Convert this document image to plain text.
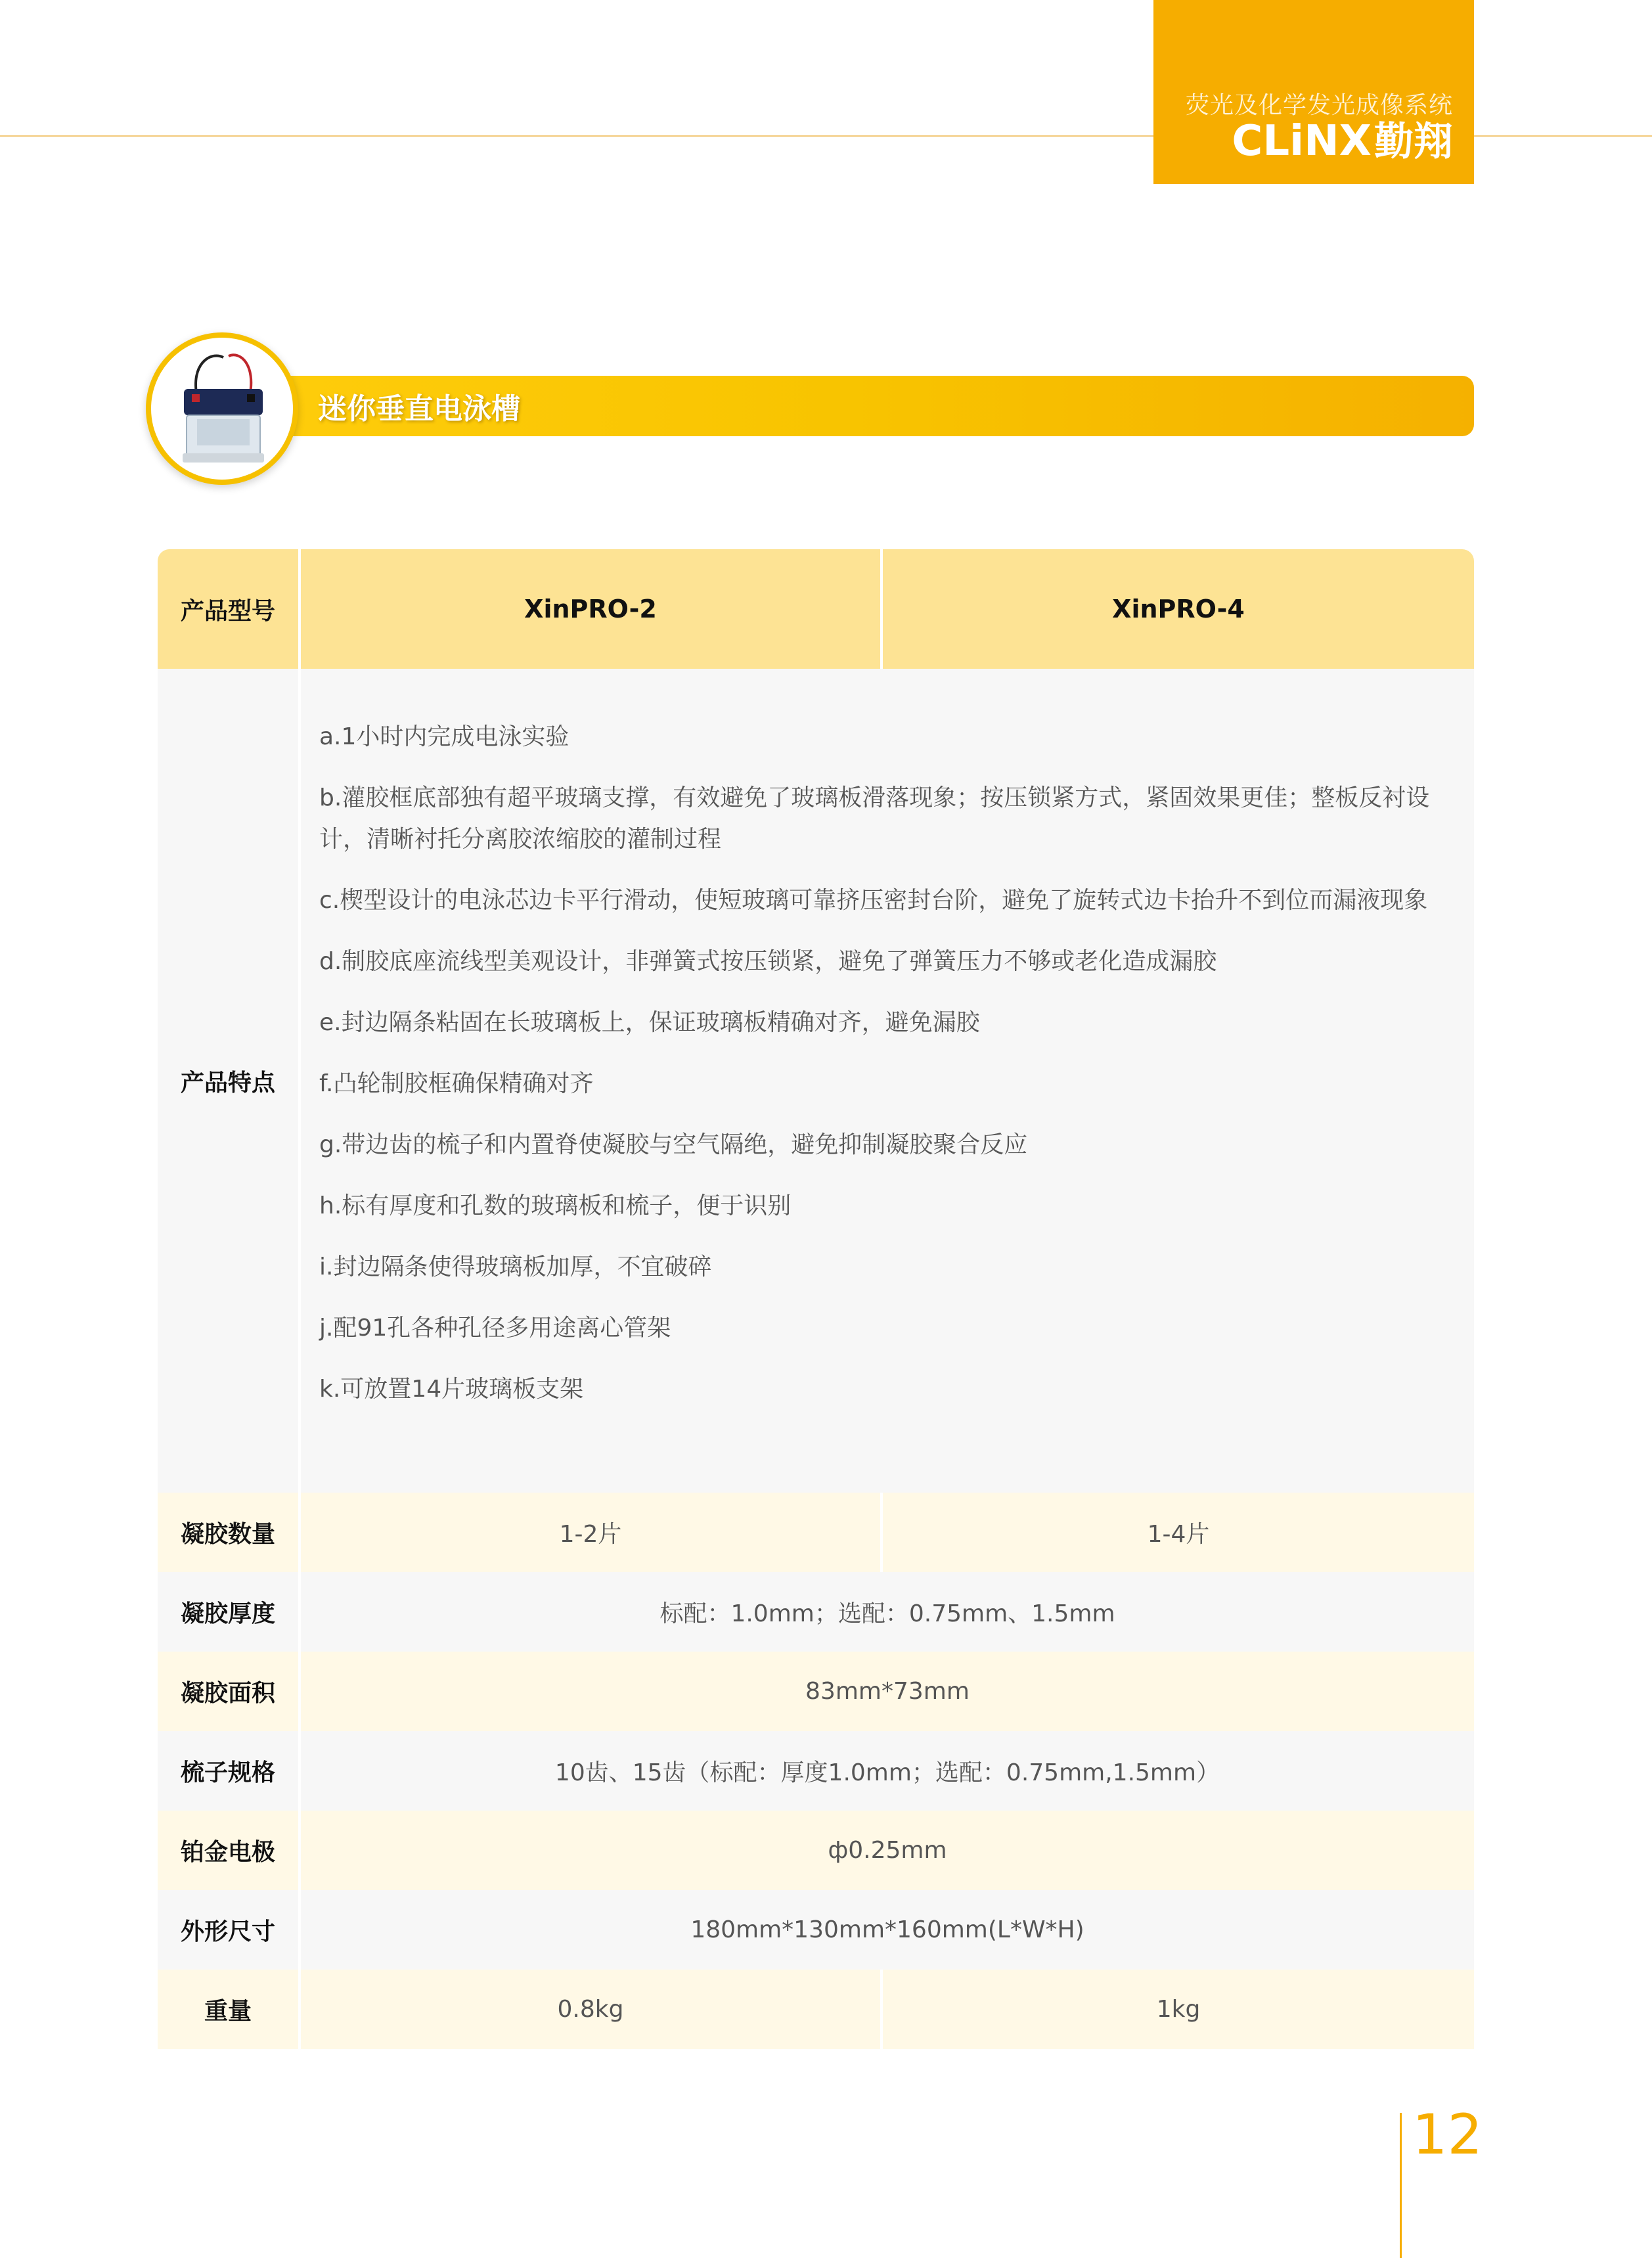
荧光及化学发光成像系统
CLiNX勤翔
迷你垂直电泳槽
产品型号	XinPRO-2	XinPRO-4
产品特点
a.1小时内完成电泳实验
b.灌胶框底部独有超平玻璃支撑，有效避免了玻璃板滑落现象；按压锁紧方式，紧固效果更佳；整板反衬设计，清晰衬托分离胶浓缩胶的灌制过程
c.楔型设计的电泳芯边卡平行滑动，使短玻璃可靠挤压密封台阶，避免了旋转式边卡抬升不到位而漏液现象
d.制胶底座流线型美观设计，非弹簧式按压锁紧，避免了弹簧压力不够或老化造成漏胶
e.封边隔条粘固在长玻璃板上，保证玻璃板精确对齐，避免漏胶
f.凸轮制胶框确保精确对齐
g.带边齿的梳子和内置脊使凝胶与空气隔绝，避免抑制凝胶聚合反应
h.标有厚度和孔数的玻璃板和梳子，便于识别
i.封边隔条使得玻璃板加厚，不宜破碎
j.配91孔各种孔径多用途离心管架
k.可放置14片玻璃板支架
凝胶数量	1-2片	1-4片
凝胶厚度	标配：1.0mm；选配：0.75mm、1.5mm
凝胶面积	83mm*73mm
梳子规格	10齿、15齿（标配：厚度1.0mm；选配：0.75mm,1.5mm）
铂金电极	ф0.25mm
外形尺寸	180mm*130mm*160mm(L*W*H)
重量	0.8kg	1kg
12
